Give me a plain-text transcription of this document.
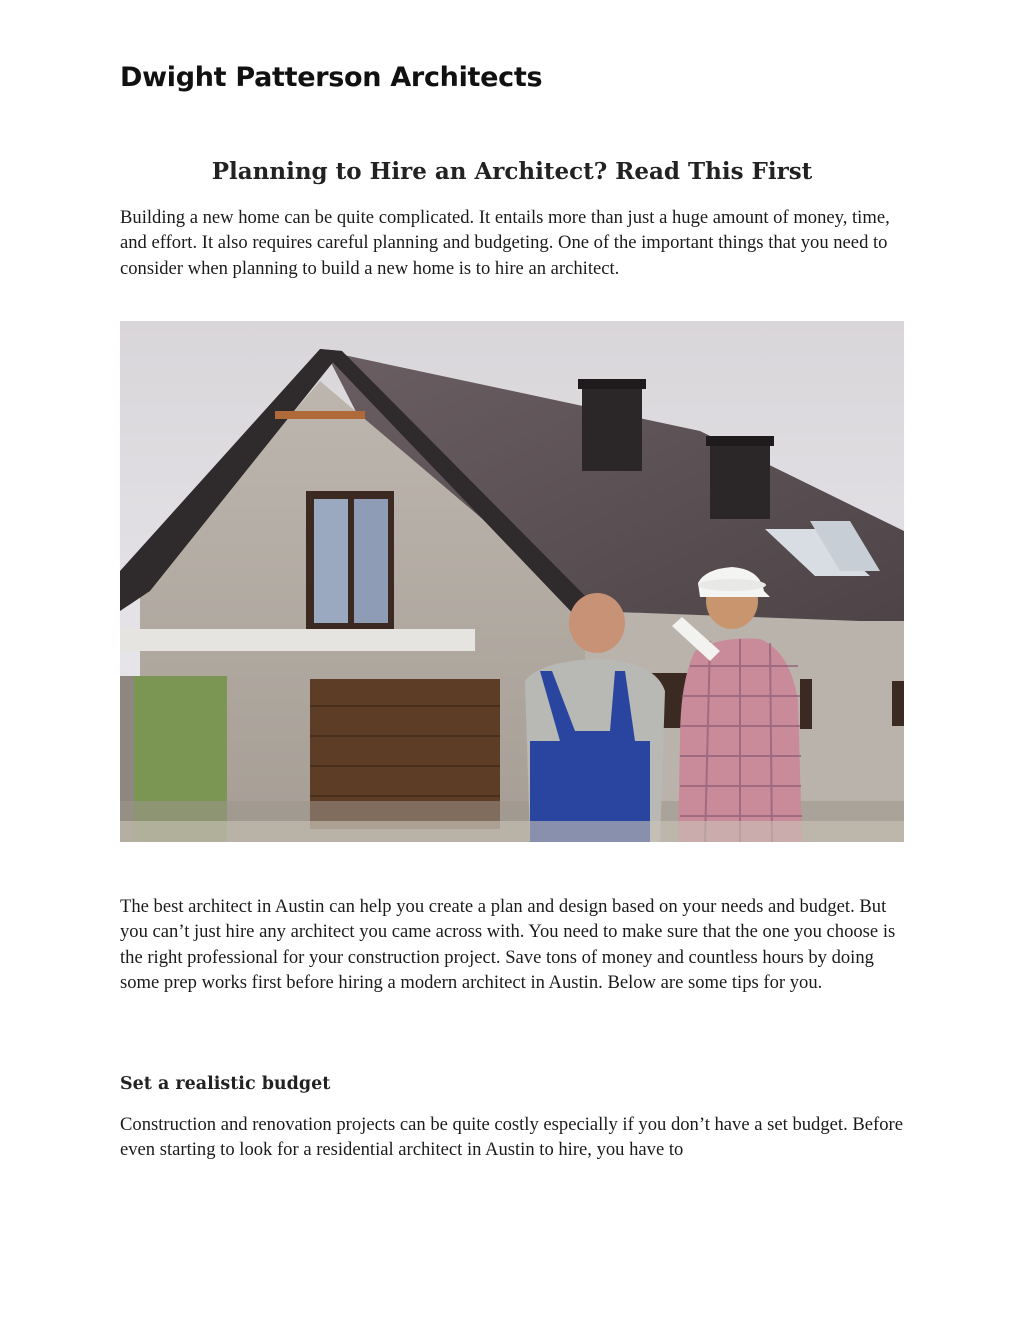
Dwight Patterson Architects
Planning to Hire an Architect? Read This First

Building a new home can be quite complicated. It entails more than just a huge amount of money, time, and effort. It also requires careful planning and budgeting. One of the important things that you need to consider when planning to build a new home is to hire an architect.

The best architect in Austin can help you create a plan and design based on your needs and budget. But you can’t just hire any architect you came across with. You need to make sure that the one you choose is the right professional for your construction project. Save tons of money and countless hours by doing some prep works first before hiring a modern architect in Austin. Below are some tips for you.

Set a realistic budget

Construction and renovation projects can be quite costly especially if you don’t have a set budget. Before even starting to look for a residential architect in Austin to hire, you have to
